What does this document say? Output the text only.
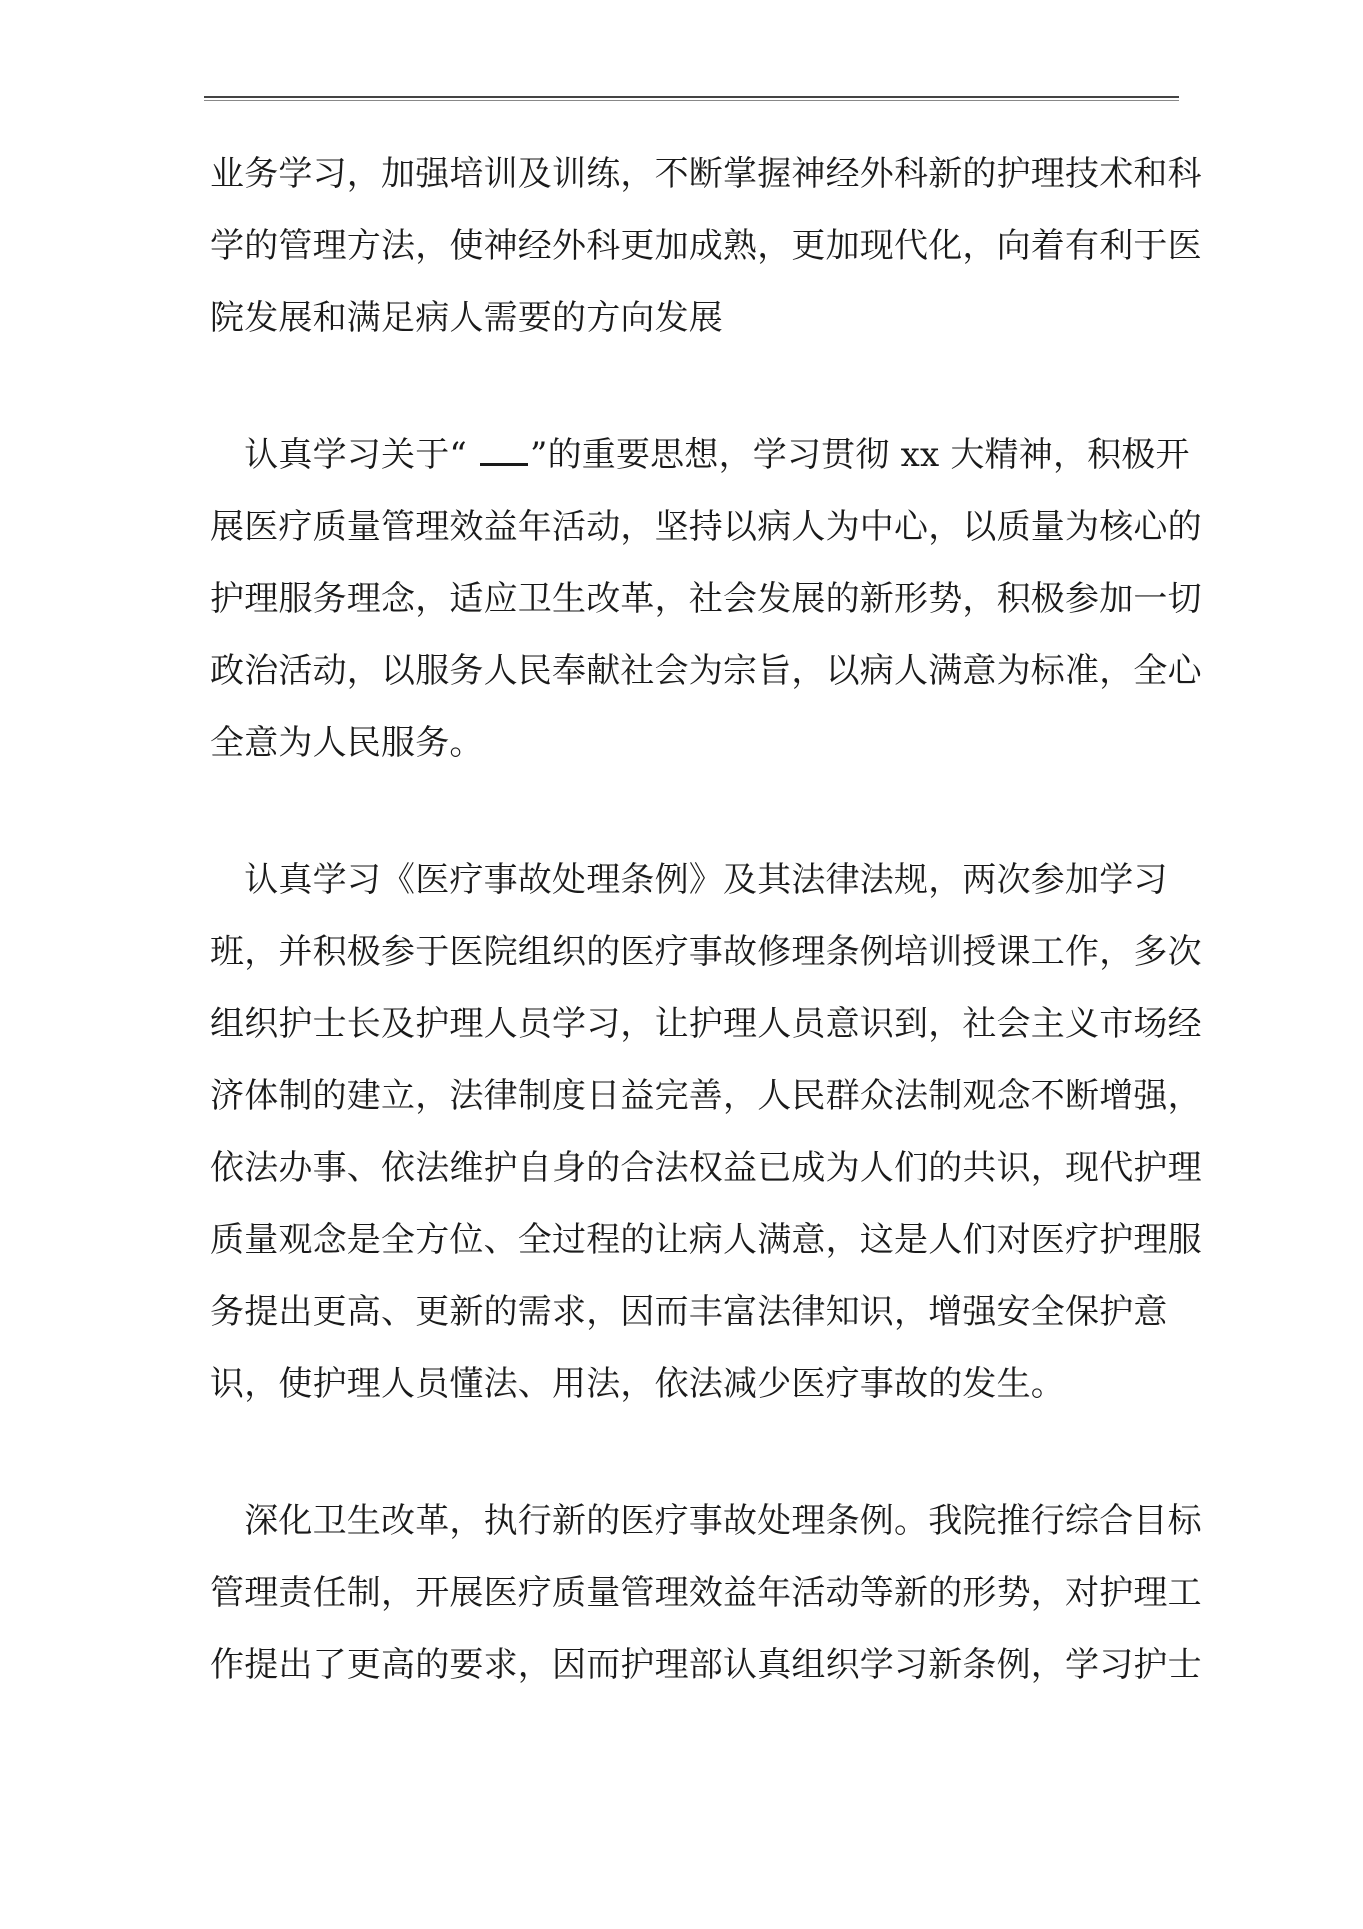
业务学习，加强培训及训练，不断掌握神经外科新的护理技术和科
学的管理方法，使神经外科更加成熟，更加现代化，向着有利于医
院发展和满足病人需要的方向发展
　认真学习关于“ ”的重要思想，学习贯彻 xx 大精神，积极开
展医疗质量管理效益年活动，坚持以病人为中心，以质量为核心的
护理服务理念，适应卫生改革，社会发展的新形势，积极参加一切
政治活动，以服务人民奉献社会为宗旨，以病人满意为标准，全心
全意为人民服务。
　认真学习《医疗事故处理条例》及其法律法规，两次参加学习
班，并积极参于医院组织的医疗事故修理条例培训授课工作，多次
组织护士长及护理人员学习，让护理人员意识到，社会主义市场经
济体制的建立，法律制度日益完善，人民群众法制观念不断增强，
依法办事、依法维护自身的合法权益已成为人们的共识，现代护理
质量观念是全方位、全过程的让病人满意，这是人们对医疗护理服
务提出更高、更新的需求，因而丰富法律知识，增强安全保护意
识，使护理人员懂法、用法，依法减少医疗事故的发生。
　深化卫生改革，执行新的医疗事故处理条例。我院推行综合目标
管理责任制，开展医疗质量管理效益年活动等新的形势，对护理工
作提出了更高的要求，因而护理部认真组织学习新条例，学习护士
